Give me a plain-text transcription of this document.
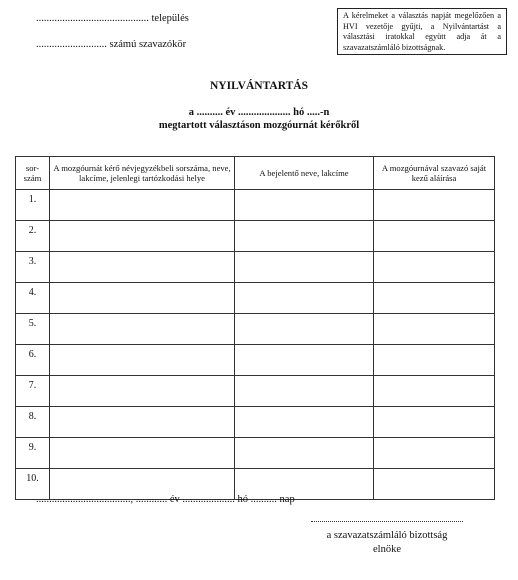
........................................... település
........................... számú szavazókör
A kérelmeket a választás napját megelőzően a HVI vezetője gyűjti, a Nyilvántartást a választási iratokkal együtt adja át a szavazatszámláló bizottságnak.
NYILVÁNTARTÁS
a .......... év .................... hó .....-n
megtartott választáson mozgóurnát kérőkről
sor-
szám	A mozgóurnát kérő névjegyzékbeli sorszáma, neve, lakcíme, jelenlegi tartózkodási helye	A bejelentő neve, lakcíme	A mozgóurnával szavazó saját kezű aláírása
1.			
2.			
3.			
4.			
5.			
6.			
7.			
8.			
9.			
10.			
...................................., ............ év .................... hó .......... nap
a szavazatszámláló bizottság
elnöke
